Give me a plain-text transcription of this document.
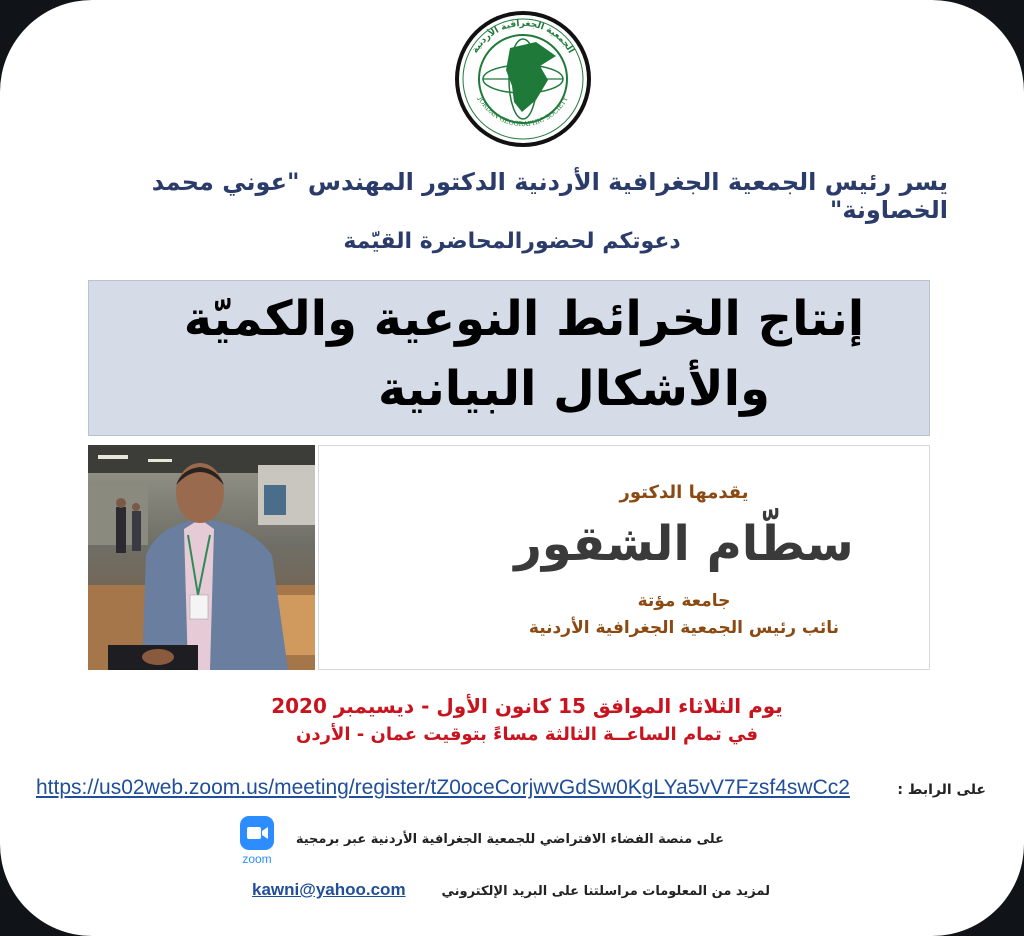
الجمعية الجغرافية الأردنية
JORDAN GEOGRAPHIC SOCIETY
يسر رئيس الجمعية الجغرافية الأردنية الدكتور المهندس "عوني محمد الخصاونة"
دعوتكم لحضورالمحاضرة القيّمة
إنتاج الخرائط النوعية والكميّة
والأشكال البيانية
يقدمها الدكتور
سطّام الشقور
جامعة مؤتة
نائب رئيس الجمعية الجغرافية الأردنية
يوم الثلاثاء الموافق 15 كانون الأول - ديسيمبر 2020
في تمام الساعــة الثالثة مساءً بتوقيت عمان - الأردن
https://us02web.zoom.us/meeting/register/tZ0oceCorjwvGdSw0KgLYa5vV7Fzsf4swCc2	على الرابط :
zoom
على منصة الفضاء الافتراضي للجمعية الجغرافية الأردنية عبر برمجية
kawni@yahoo.com	لمزيد من المعلومات مراسلتنا على البريد الإلكتروني
